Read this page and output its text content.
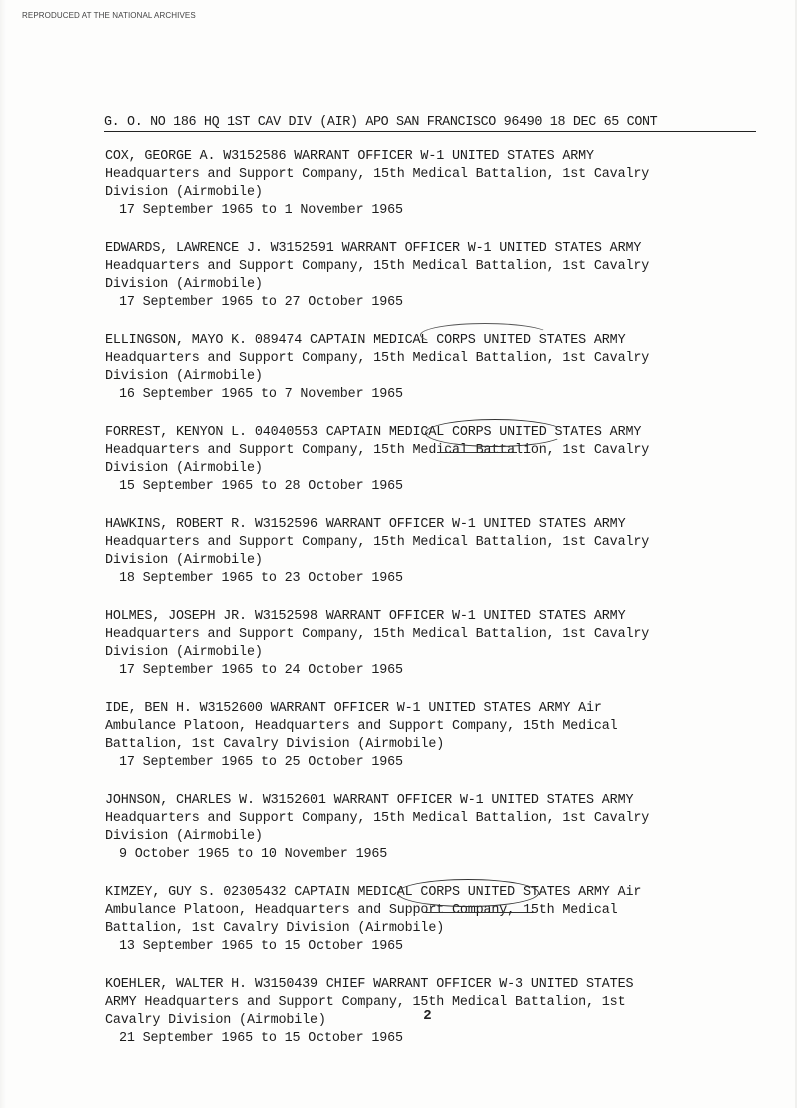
REPRODUCED AT THE NATIONAL ARCHIVES
G. O. NO 186 HQ 1ST CAV DIV (AIR) APO SAN FRANCISCO 96490 18 DEC 65 CONT
COX, GEORGE A. W3152586 WARRANT OFFICER W-1 UNITED STATES ARMY
Headquarters and Support Company, 15th Medical Battalion, 1st Cavalry
Division (Airmobile)
17 September 1965 to 1 November 1965
EDWARDS, LAWRENCE J. W3152591 WARRANT OFFICER W-1 UNITED STATES ARMY
Headquarters and Support Company, 15th Medical Battalion, 1st Cavalry
Division (Airmobile)
17 September 1965 to 27 October 1965
ELLINGSON, MAYO K. 089474 CAPTAIN MEDICAL CORPS UNITED STATES ARMY
Headquarters and Support Company, 15th Medical Battalion, 1st Cavalry
Division (Airmobile)
16 September 1965 to 7 November 1965
FORREST, KENYON L. 04040553 CAPTAIN MEDICAL CORPS UNITED STATES ARMY
Headquarters and Support Company, 15th Medical Battalion, 1st Cavalry
Division (Airmobile)
15 September 1965 to 28 October 1965
HAWKINS, ROBERT R. W3152596 WARRANT OFFICER W-1 UNITED STATES ARMY
Headquarters and Support Company, 15th Medical Battalion, 1st Cavalry
Division (Airmobile)
18 September 1965 to 23 October 1965
HOLMES, JOSEPH JR. W3152598 WARRANT OFFICER W-1 UNITED STATES ARMY
Headquarters and Support Company, 15th Medical Battalion, 1st Cavalry
Division (Airmobile)
17 September 1965 to 24 October 1965
IDE, BEN H. W3152600 WARRANT OFFICER W-1 UNITED STATES ARMY Air
Ambulance Platoon, Headquarters and Support Company, 15th Medical
Battalion, 1st Cavalry Division (Airmobile)
17 September 1965 to 25 October 1965
JOHNSON, CHARLES W. W3152601 WARRANT OFFICER W-1 UNITED STATES ARMY
Headquarters and Support Company, 15th Medical Battalion, 1st Cavalry
Division (Airmobile)
9 October 1965 to 10 November 1965
KIMZEY, GUY S. 02305432 CAPTAIN MEDICAL CORPS UNITED STATES ARMY Air
Ambulance Platoon, Headquarters and Support Company, 15th Medical
Battalion, 1st Cavalry Division (Airmobile)
13 September 1965 to 15 October 1965
KOEHLER, WALTER H. W3150439 CHIEF WARRANT OFFICER W-3 UNITED STATES
ARMY Headquarters and Support Company, 15th Medical Battalion, 1st
Cavalry Division (Airmobile)
21 September 1965 to 15 October 1965
2
